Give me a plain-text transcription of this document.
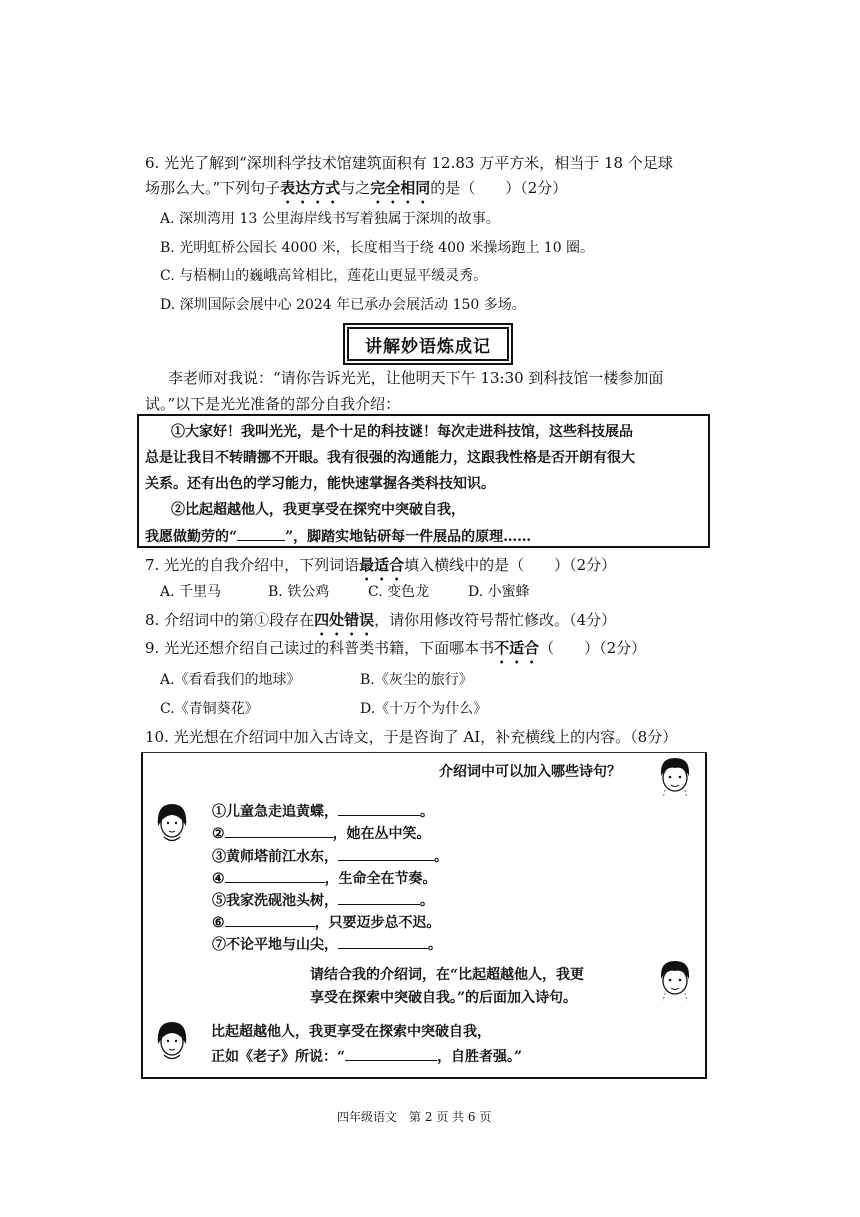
6. 光光了解到“深圳科学技术馆建筑面积有 12.83 万平方米，相当于 18 个足球
场那么大。”下列句子表达方式与之完全相同的是（　　）（2分）
A. 深圳湾用 13 公里海岸线书写着独属于深圳的故事。
B. 光明虹桥公园长 4000 米，长度相当于绕 400 米操场跑上 10 圈。
C. 与梧桐山的巍峨高耸相比，莲花山更显平缓灵秀。
D. 深圳国际会展中心 2024 年已承办会展活动 150 多场。
讲解妙语炼成记
李老师对我说：“请你告诉光光，让他明天下午 13:30 到科技馆一楼参加面
试。”以下是光光准备的部分自我介绍：
①大家好！我叫光光，是个十足的科技谜！每次走进科技馆，这些科技展品
总是让我目不转睛挪不开眼。我有很强的沟通能力，这跟我性格是否开朗有很大
关系。还有出色的学习能力，能快速掌握各类科技知识。
②比起超越他人，我更享受在探究中突破自我，
我愿做勤劳的“	”，脚踏实地钻研每一件展品的原理……
7. 光光的自我介绍中，下列词语最适合填入横线中的是（　　）（2分）
A. 千里马	B. 铁公鸡	C. 变色龙	D. 小蜜蜂
8. 介绍词中的第①段存在四处错误，请你用修改符号帮忙修改。（4分）
9. 光光还想介绍自己读过的科普类书籍，下面哪本书不适合（　　）（2分）
A.《看看我们的地球》	B.《灰尘的旅行》
C.《青铜葵花》	D.《十万个为什么》
10. 光光想在介绍词中加入古诗文，于是咨询了 AI，补充横线上的内容。（8分）
介绍词中可以加入哪些诗句？
①儿童急走追黄蝶，	。
②	，她在丛中笑。
③黄师塔前江水东，	。
④	，生命全在节奏。
⑤我家洗砚池头树，	。
⑥	，只要迈步总不迟。
⑦不论平地与山尖，	。
请结合我的介绍词，在“比起超越他人，我更
享受在探索中突破自我。”的后面加入诗句。
比起超越他人，我更享受在探索中突破自我，
正如《老子》所说：“	，自胜者强。”
四年级语文　第 2 页 共 6 页
